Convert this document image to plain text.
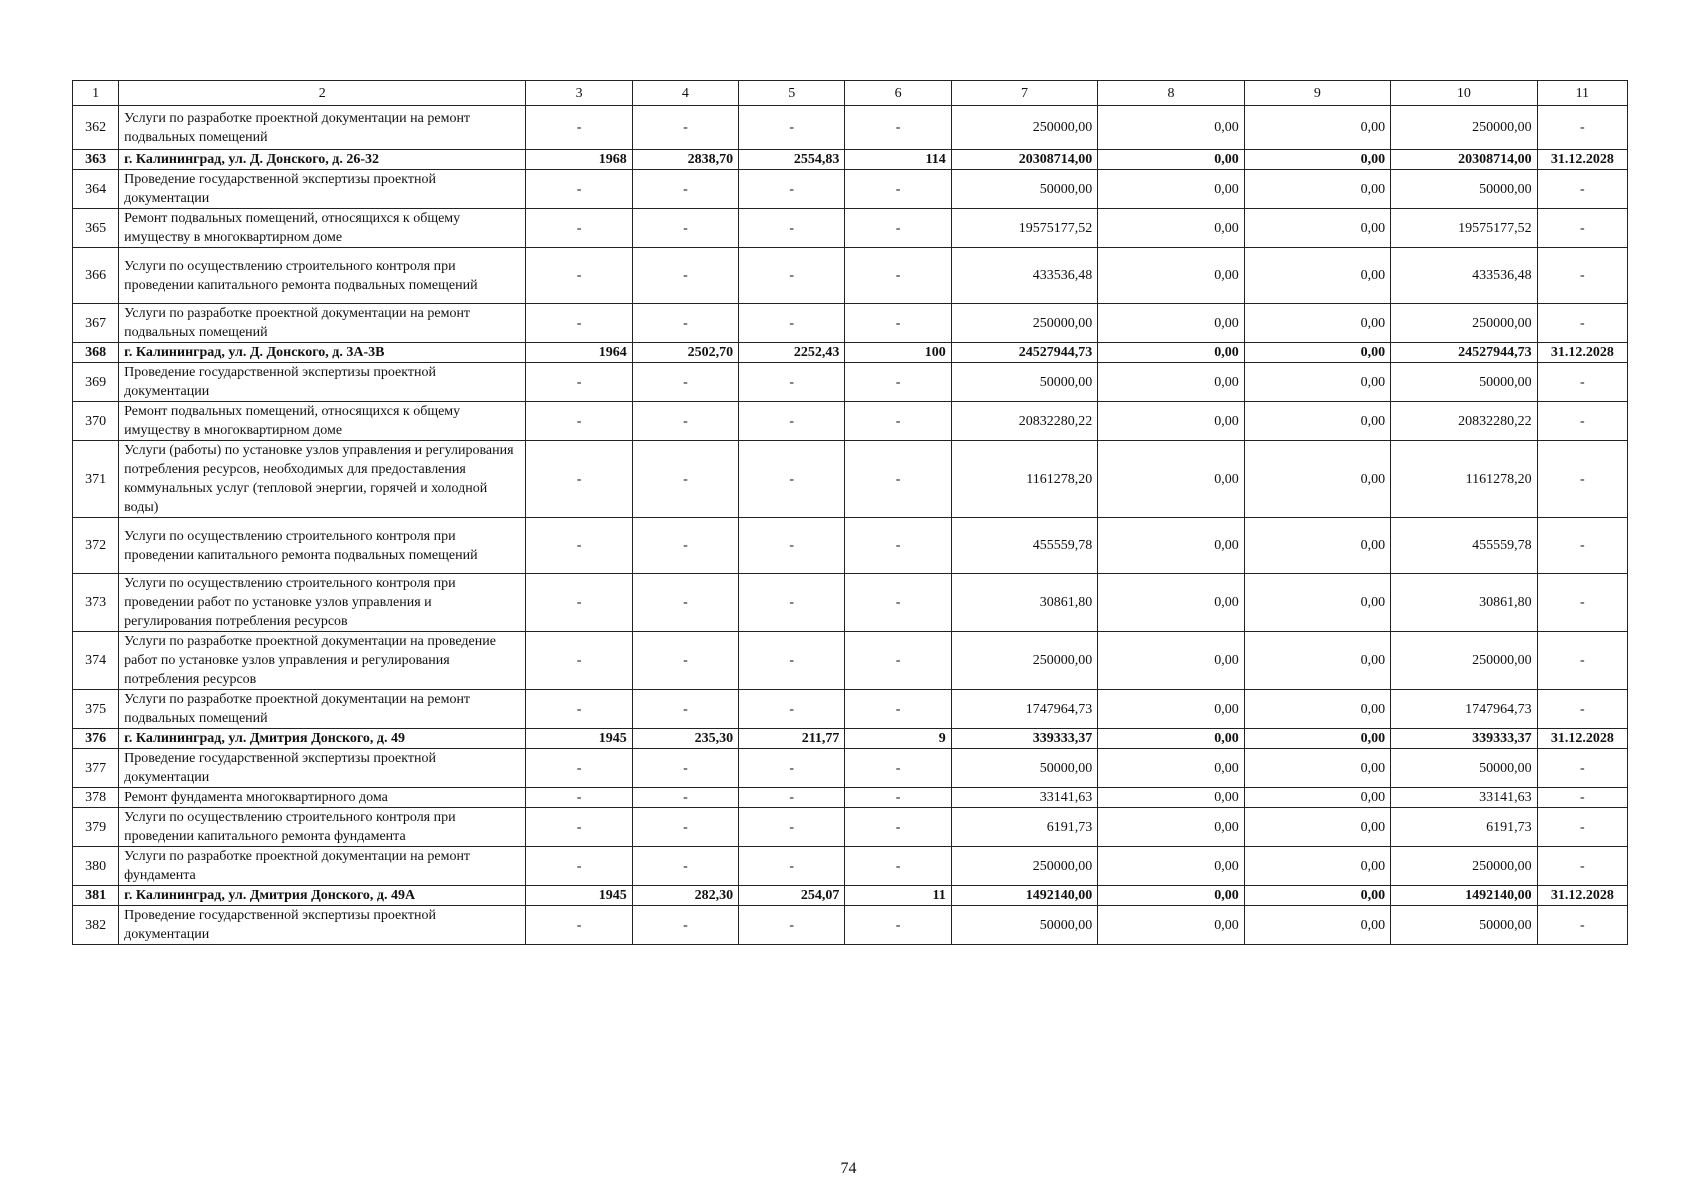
1	2	3	4	5	6	7	8	9	10	11
362	Услуги по разработке проектной документации на ремонт подвальных помещений	-	-	-	-	250000,00	0,00	0,00	250000,00	-
363	г. Калининград, ул. Д. Донского, д. 26-32	1968	2838,70	2554,83	114	20308714,00	0,00	0,00	20308714,00	31.12.2028
364	Проведение государственной экспертизы проектной документации	-	-	-	-	50000,00	0,00	0,00	50000,00	-
365	Ремонт подвальных помещений, относящихся к общему имуществу в многоквартирном доме	-	-	-	-	19575177,52	0,00	0,00	19575177,52	-
366	Услуги по осуществлению строительного контроля при проведении капитального ремонта подвальных помещений	-	-	-	-	433536,48	0,00	0,00	433536,48	-
367	Услуги по разработке проектной документации на ремонт подвальных помещений	-	-	-	-	250000,00	0,00	0,00	250000,00	-
368	г. Калининград, ул. Д. Донского, д. 3А-3В	1964	2502,70	2252,43	100	24527944,73	0,00	0,00	24527944,73	31.12.2028
369	Проведение государственной экспертизы проектной документации	-	-	-	-	50000,00	0,00	0,00	50000,00	-
370	Ремонт подвальных помещений, относящихся к общему имуществу в многоквартирном доме	-	-	-	-	20832280,22	0,00	0,00	20832280,22	-
371	Услуги (работы) по установке узлов управления и регулирования потребления ресурсов, необходимых для предоставления коммунальных услуг (тепловой энергии, горячей и холодной воды)	-	-	-	-	1161278,20	0,00	0,00	1161278,20	-
372	Услуги по осуществлению строительного контроля при проведении капитального ремонта подвальных помещений	-	-	-	-	455559,78	0,00	0,00	455559,78	-
373	Услуги по осуществлению строительного контроля при проведении работ по установке узлов управления и регулирования потребления ресурсов	-	-	-	-	30861,80	0,00	0,00	30861,80	-
374	Услуги по разработке проектной документации на проведение работ по установке узлов управления и регулирования потребления ресурсов	-	-	-	-	250000,00	0,00	0,00	250000,00	-
375	Услуги по разработке проектной документации на ремонт подвальных помещений	-	-	-	-	1747964,73	0,00	0,00	1747964,73	-
376	г. Калининград, ул. Дмитрия Донского, д. 49	1945	235,30	211,77	9	339333,37	0,00	0,00	339333,37	31.12.2028
377	Проведение государственной экспертизы проектной документации	-	-	-	-	50000,00	0,00	0,00	50000,00	-
378	Ремонт фундамента многоквартирного дома	-	-	-	-	33141,63	0,00	0,00	33141,63	-
379	Услуги по осуществлению строительного контроля при проведении капитального ремонта фундамента	-	-	-	-	6191,73	0,00	0,00	6191,73	-
380	Услуги по разработке проектной документации на ремонт фундамента	-	-	-	-	250000,00	0,00	0,00	250000,00	-
381	г. Калининград, ул. Дмитрия Донского, д. 49А	1945	282,30	254,07	11	1492140,00	0,00	0,00	1492140,00	31.12.2028
382	Проведение государственной экспертизы проектной документации	-	-	-	-	50000,00	0,00	0,00	50000,00	-
74
